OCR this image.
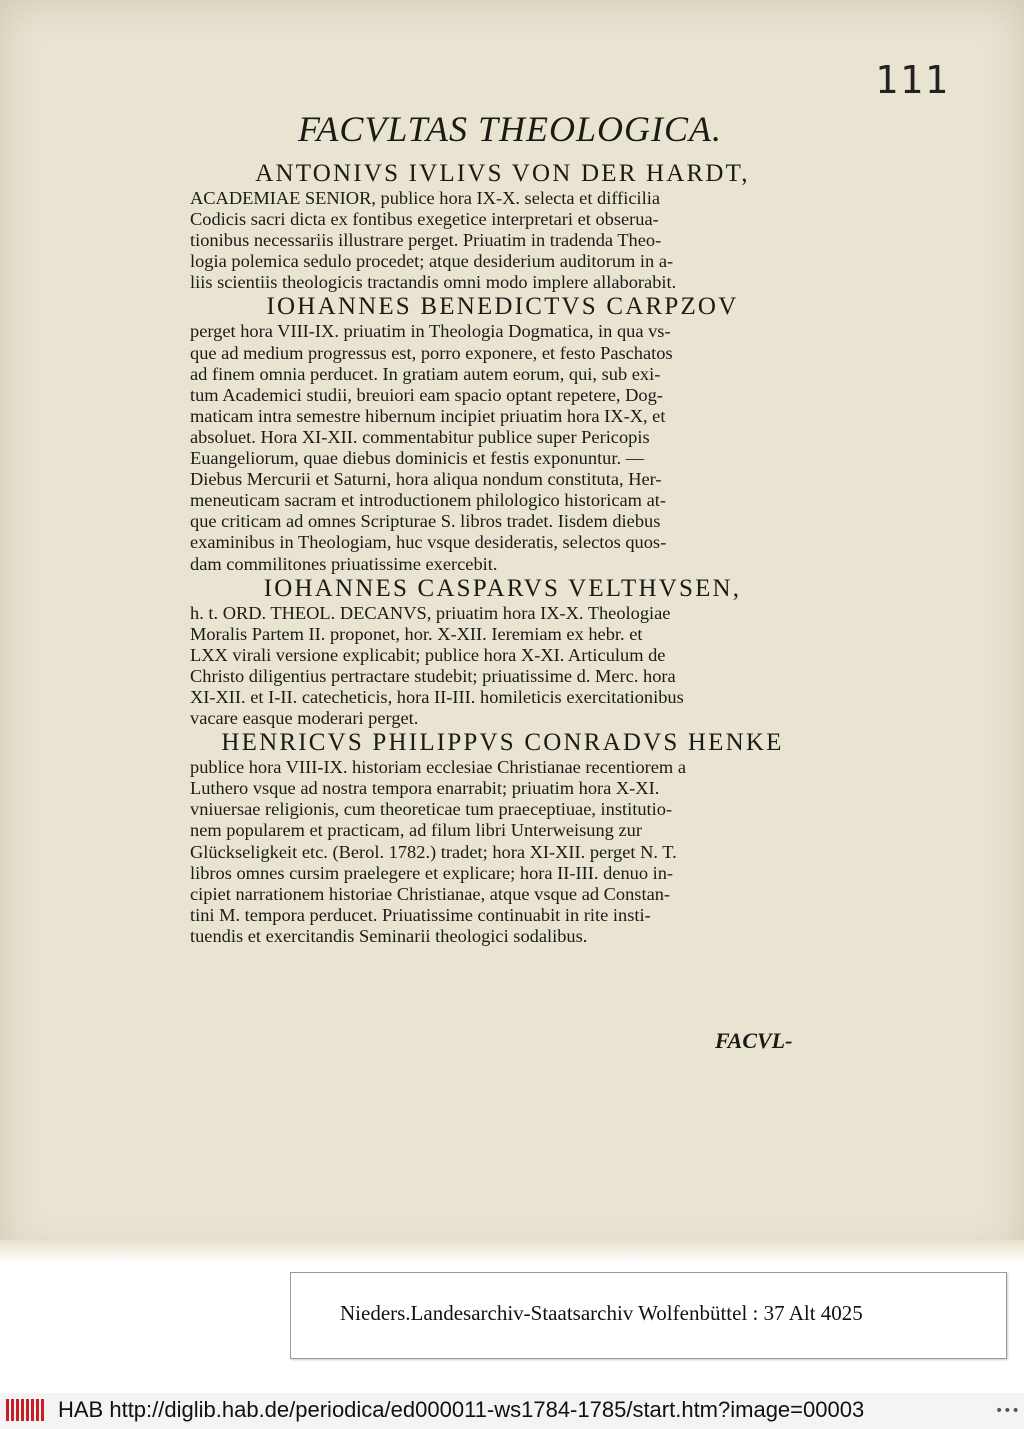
111
FACVLTAS THEOLOGICA.

ANTONIVS IVLIVS VON DER HARDT,

ACADEMIAE SENIOR, publice hora IX-X. selecta et difficilia

Codicis sacri dicta ex fontibus exegetice interpretari et obserua-

tionibus necessariis illustrare perget. Priuatim in tradenda Theo-

logia polemica sedulo procedet; atque desiderium auditorum in a-

liis scientiis theologicis tractandis omni modo implere allaborabit.

IOHANNES BENEDICTVS CARPZOV

perget hora VIII-IX. priuatim in Theologia Dogmatica, in qua vs-

que ad medium progressus est, porro exponere, et festo Paschatos

ad finem omnia perducet. In gratiam autem eorum, qui, sub exi-

tum Academici studii, breuiori eam spacio optant repetere, Dog-

maticam intra semestre hibernum incipiet priuatim hora IX-X, et

absoluet. Hora XI-XII. commentabitur publice super Pericopis

Euangeliorum, quae diebus dominicis et festis exponuntur. —

Diebus Mercurii et Saturni, hora aliqua nondum constituta, Her-

meneuticam sacram et introductionem philologico historicam at-

que criticam ad omnes Scripturae S. libros tradet. Iisdem diebus

examinibus in Theologiam, huc vsque desideratis, selectos quos-

dam commilitones priuatissime exercebit.

IOHANNES CASPARVS VELTHVSEN,

h. t. ORD. THEOL. DECANVS, priuatim hora IX-X. Theologiae

Moralis Partem II. proponet, hor. X-XII. Ieremiam ex hebr. et

LXX virali versione explicabit; publice hora X-XI. Articulum de

Christo diligentius pertractare studebit; priuatissime d. Merc. hora

XI-XII. et I-II. catecheticis, hora II-III. homileticis exercitationibus

vacare easque moderari perget.

HENRICVS PHILIPPVS CONRADVS HENKE

publice hora VIII-IX. historiam ecclesiae Christianae recentiorem a

Luthero vsque ad nostra tempora enarrabit; priuatim hora X-XI.

vniuersae religionis, cum theoreticae tum praeceptiuae, institutio-

nem popularem et practicam, ad filum libri Unterweisung zur

Glückseligkeit etc. (Berol. 1782.) tradet; hora XI-XII. perget N. T.

libros omnes cursim praelegere et explicare; hora II-III. denuo in-

cipiet narrationem historiae Christianae, atque vsque ad Constan-

tini M. tempora perducet. Priuatissime continuabit in rite insti-

tuendis et exercitandis Seminarii theologici sodalibus.

FACVL-
Nieders.Landesarchiv-Staatsarchiv Wolfenbüttel : 37 Alt 4025
HAB http://diglib.hab.de/periodica/ed000011-ws1784-1785/start.htm?image=00003	•••
